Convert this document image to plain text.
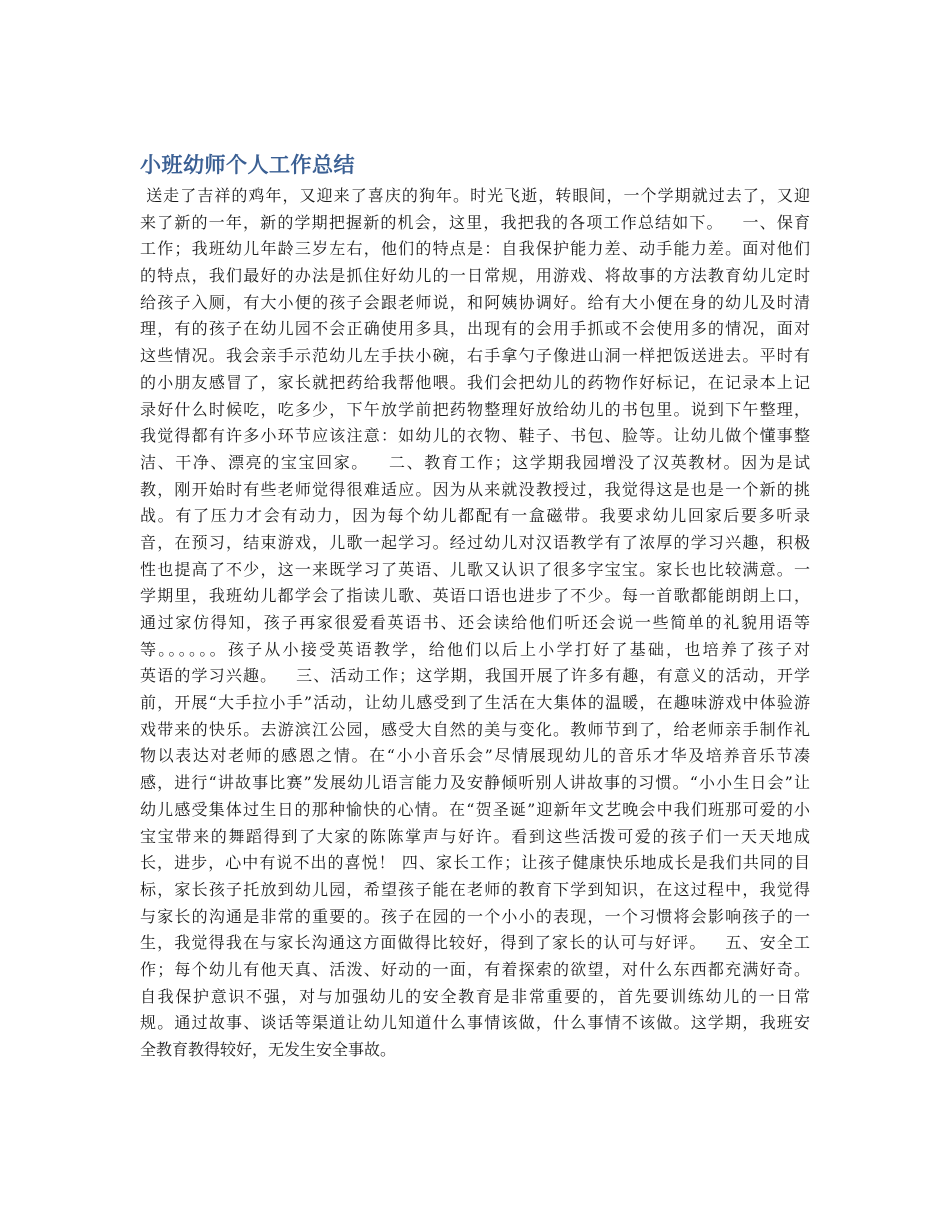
小班幼师个人工作总结
送走了吉祥的鸡年，又迎来了喜庆的狗年。时光飞逝，转眼间，一个学期就过去了，又迎
来了新的一年，新的学期把握新的机会，这里，我把我的各项工作总结如下。   一、保育
工作；我班幼儿年龄三岁左右，他们的特点是：自我保护能力差、动手能力差。面对他们
的特点，我们最好的办法是抓住好幼儿的一日常规，用游戏、将故事的方法教育幼儿定时
给孩子入厕，有大小便的孩子会跟老师说，和阿姨协调好。给有大小便在身的幼儿及时清
理，有的孩子在幼儿园不会正确使用多具，出现有的会用手抓或不会使用多的情况，面对
这些情况。我会亲手示范幼儿左手扶小碗，右手拿勺子像进山洞一样把饭送进去。平时有
的小朋友感冒了，家长就把药给我帮他喂。我们会把幼儿的药物作好标记，在记录本上记
录好什么时候吃，吃多少，下午放学前把药物整理好放给幼儿的书包里。说到下午整理，
我觉得都有许多小环节应该注意：如幼儿的衣物、鞋子、书包、脸等。让幼儿做个懂事整
洁、干净、漂亮的宝宝回家。   二、教育工作；这学期我园增没了汉英教材。因为是试
教，刚开始时有些老师觉得很难适应。因为从来就没教授过，我觉得这是也是一个新的挑
战。有了压力才会有动力，因为每个幼儿都配有一盒磁带。我要求幼儿回家后要多听录
音，在预习，结束游戏，儿歌一起学习。经过幼儿对汉语教学有了浓厚的学习兴趣，积极
性也提高了不少，这一来既学习了英语、儿歌又认识了很多字宝宝。家长也比较满意。一
学期里，我班幼儿都学会了指读儿歌、英语口语也进步了不少。每一首歌都能朗朗上口，
通过家仿得知，孩子再家很爱看英语书、还会读给他们听还会说一些简单的礼貌用语等
等。。。。。。孩子从小接受英语教学，给他们以后上小学打好了基础，也培养了孩子对
英语的学习兴趣。   三、活动工作；这学期，我国开展了许多有趣，有意义的活动，开学
前，开展“大手拉小手”活动，让幼儿感受到了生活在大集体的温暖，在趣味游戏中体验游
戏带来的快乐。去游滨江公园，感受大自然的美与变化。教师节到了，给老师亲手制作礼
物以表达对老师的感恩之情。在“小小音乐会”尽情展现幼儿的音乐才华及培养音乐节凑
感，进行“讲故事比赛”发展幼儿语言能力及安静倾听别人讲故事的习惯。“小小生日会”让
幼儿感受集体过生日的那种愉快的心情。在“贺圣诞”迎新年文艺晚会中我们班那可爱的小
宝宝带来的舞蹈得到了大家的陈陈掌声与好许。看到这些活拨可爱的孩子们一天天地成
长，进步，心中有说不出的喜悦！ 四、家长工作；让孩子健康快乐地成长是我们共同的目
标，家长孩子托放到幼儿园，希望孩子能在老师的教育下学到知识，在这过程中，我觉得
与家长的沟通是非常的重要的。孩子在园的一个小小的表现，一个习惯将会影响孩子的一
生，我觉得我在与家长沟通这方面做得比较好，得到了家长的认可与好评。   五、安全工
作；每个幼儿有他天真、活泼、好动的一面，有着探索的欲望，对什么东西都充满好奇。
自我保护意识不强，对与加强幼儿的安全教育是非常重要的，首先要训练幼儿的一日常
规。通过故事、谈话等渠道让幼儿知道什么事情该做，什么事情不该做。这学期，我班安
全教育教得较好，无发生安全事故。
